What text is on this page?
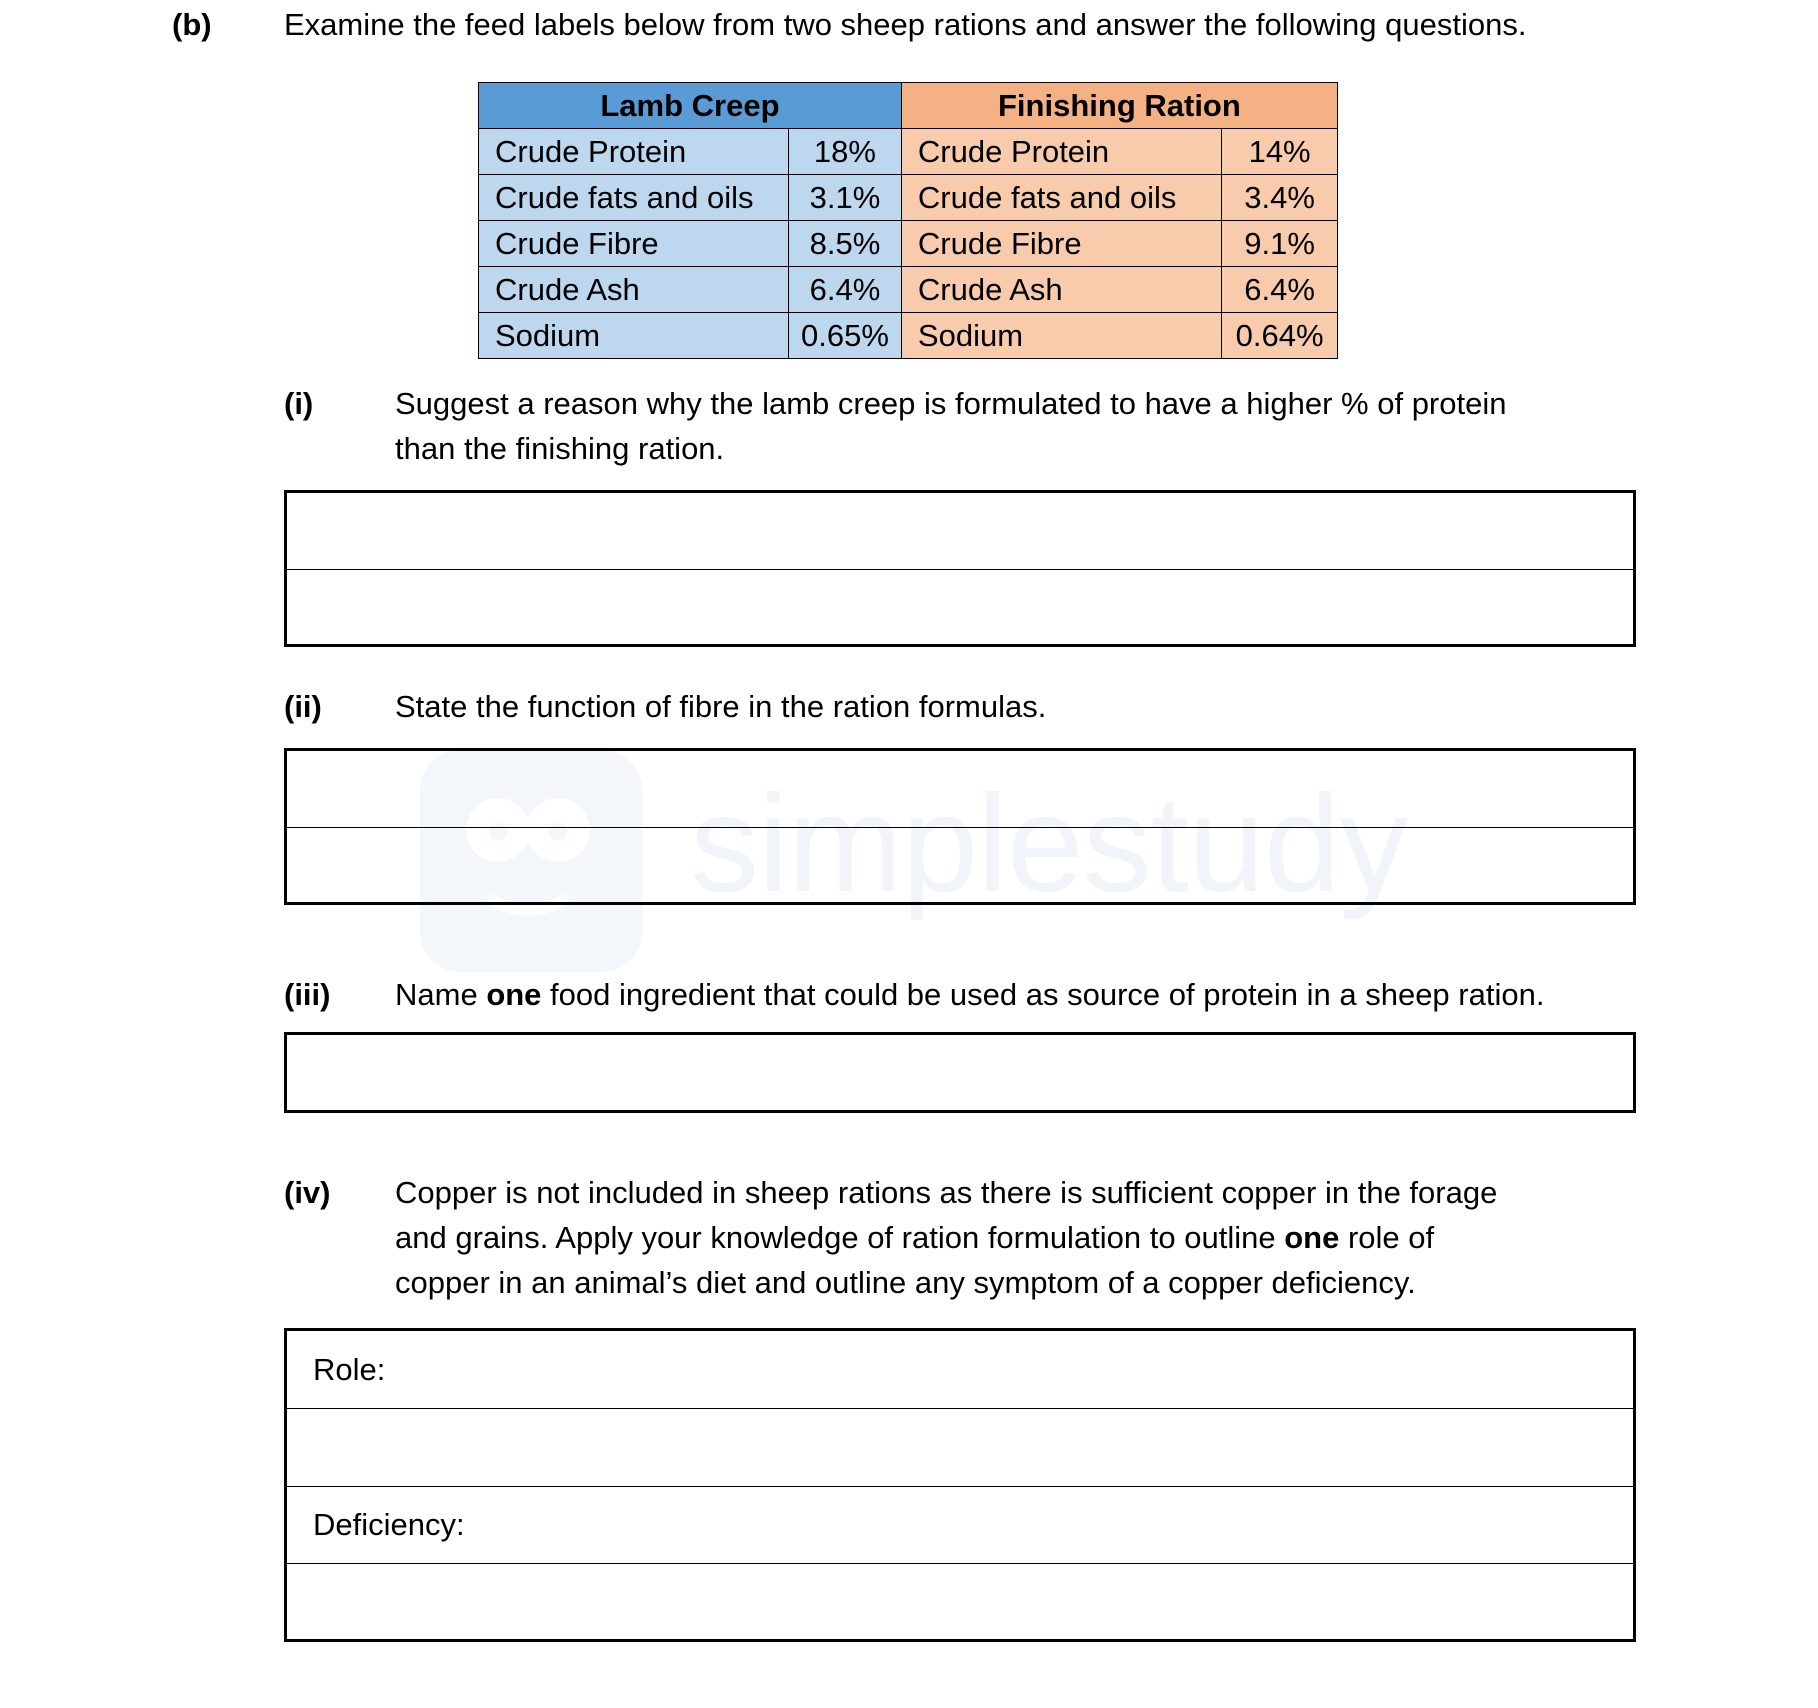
simplestudy
(b) Examine the feed labels below from two sheep rations and answer the following questions.
Lamb Creep		Finishing Ration	
Crude Protein	18%	Crude Protein	14%
Crude fats and oils	3.1%	Crude fats and oils	3.4%
Crude Fibre	8.5%	Crude Fibre	9.1%
Crude Ash	6.4%	Crude Ash	6.4%
Sodium	0.65%	Sodium	0.64%
(i)	Suggest a reason why the lamb creep is formulated to have a higher % of protein
than the finishing ration.
(ii) State the function of fibre in the ration formulas.
(iii) Name one food ingredient that could be used as source of protein in a sheep ration.
(iv) Copper is not included in sheep rations as there is sufficient copper in the forage
and grains. Apply your knowledge of ration formulation to outline one role of
copper in an animal’s diet and outline any symptom of a copper deficiency.
Role:
Deficiency:
